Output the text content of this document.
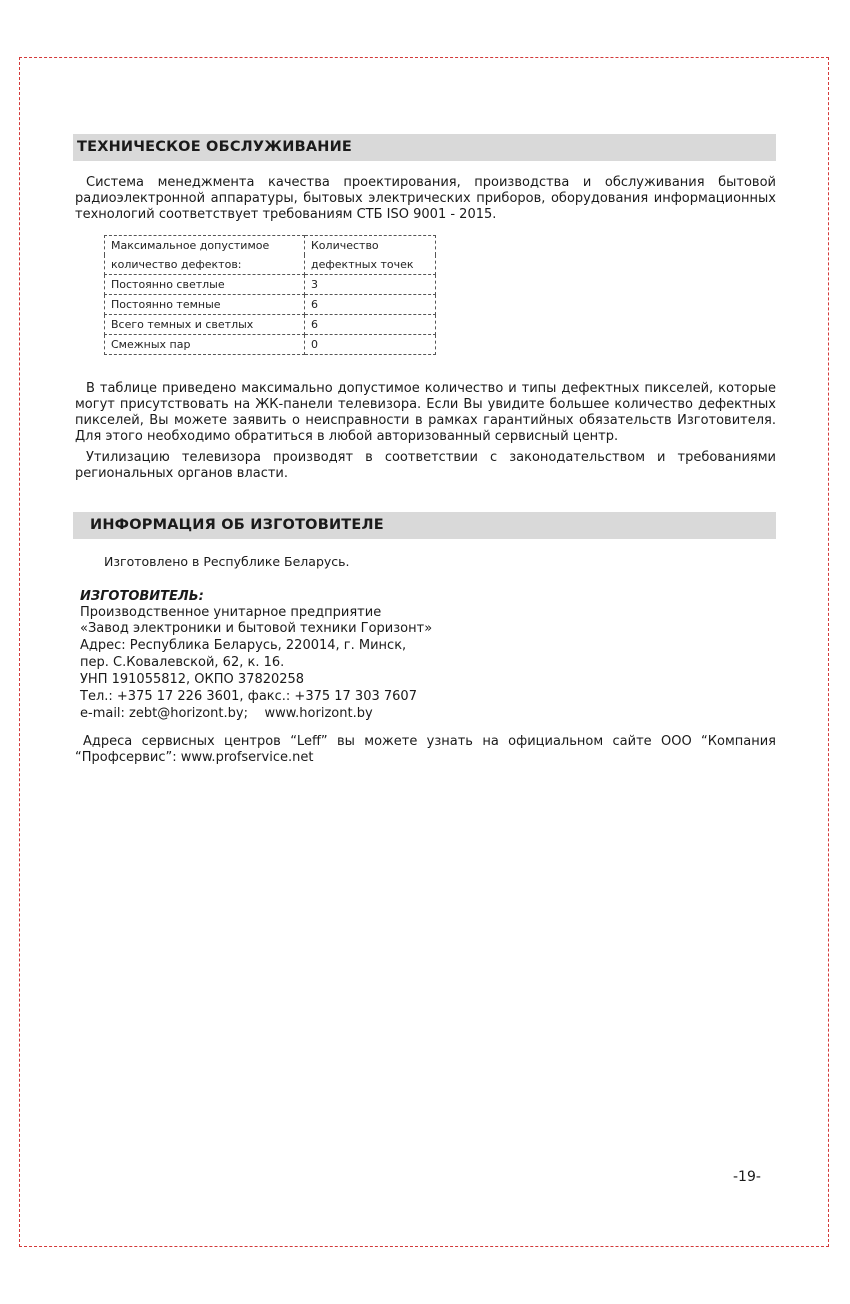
ТЕХНИЧЕСКОЕ ОБСЛУЖИВАНИЕ

Система менеджмента качества проектирования, производства и обслуживания бытовой радиоэлектронной аппаратуры, бытовых электрических приборов, оборудования информационных технологий соответствует требованиям СТБ ISO 9001 - 2015.

Максимальное допустимое	Количество
количество дефектов:	дефектных точек
Постоянно светлые	3
Постоянно темные	6
Всего темных и светлых	6
Смежных пар	0

В таблице приведено максимально допустимое количество и типы дефектных пикселей, которые могут присутствовать на ЖК-панели телевизора. Если Вы увидите большее количество дефектных пикселей, Вы можете заявить о неисправности в рамках гарантийных обязательств Изготовителя. Для этого необходимо обратиться в любой авторизованный сервисный центр.

Утилизацию телевизора производят в соответствии с законодательством и требованиями региональных органов власти.

ИНФОРМАЦИЯ ОБ ИЗГОТОВИТЕЛЕ
Изготовлено в Республике Беларусь.
ИЗГОТОВИТЕЛЬ:
Производственное унитарное предприятие
«Завод электроники и бытовой техники Горизонт»
Адрес: Республика Беларусь, 220014, г. Минск,
пер. С.Ковалевской, 62, к. 16.
УНП 191055812, ОКПО 37820258
Тел.: +375 17 226 3601, факс.: +375 17 303 7607
e-mail: zebt@horizont.by;    www.horizont.by

Адреса сервисных центров “Leff” вы можете узнать на официальном сайте ООО “Компания “Профсервис”: www.profservice.net

-19-
